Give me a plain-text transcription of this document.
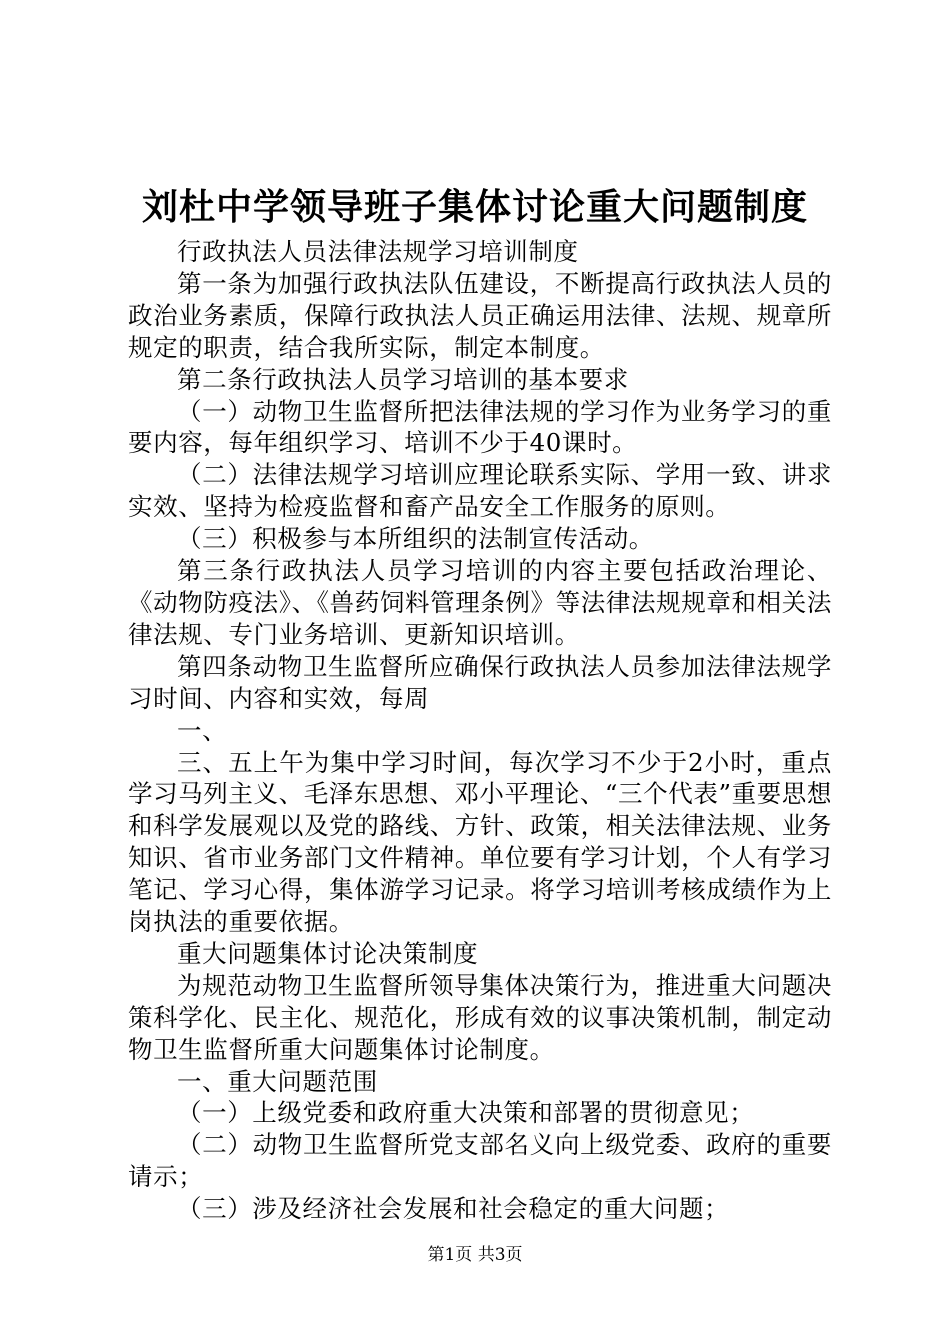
刘杜中学领导班子集体讨论重大问题制度

行政执法人员法律法规学习培训制度

第一条为加强行政执法队伍建设，不断提高行政执法人员的政治业务素质，保障行政执法人员正确运用法律、法规、规章所规定的职责，结合我所实际，制定本制度。

第二条行政执法人员学习培训的基本要求

（一）动物卫生监督所把法律法规的学习作为业务学习的重要内容，每年组织学习、培训不少于40课时。

（二）法律法规学习培训应理论联系实际、学用一致、讲求实效、坚持为检疫监督和畜产品安全工作服务的原则。

（三）积极参与本所组织的法制宣传活动。

第三条行政执法人员学习培训的内容主要包括政治理论、《动物防疫法》、《兽药饲料管理条例》等法律法规规章和相关法律法规、专门业务培训、更新知识培训。

第四条动物卫生监督所应确保行政执法人员参加法律法规学习时间、内容和实效，每周

一、

三、五上午为集中学习时间，每次学习不少于2小时，重点学习马列主义、毛泽东思想、邓小平理论、“三个代表”重要思想和科学发展观以及党的路线、方针、政策，相关法律法规、业务知识、省市业务部门文件精神。单位要有学习计划，个人有学习笔记、学习心得，集体游学习记录。将学习培训考核成绩作为上岗执法的重要依据。

重大问题集体讨论决策制度

为规范动物卫生监督所领导集体决策行为，推进重大问题决策科学化、民主化、规范化，形成有效的议事决策机制，制定动物卫生监督所重大问题集体讨论制度。

一、重大问题范围

（一）上级党委和政府重大决策和部署的贯彻意见；

（二）动物卫生监督所党支部名义向上级党委、政府的重要请示；

（三）涉及经济社会发展和社会稳定的重大问题；

第1页 共3页
